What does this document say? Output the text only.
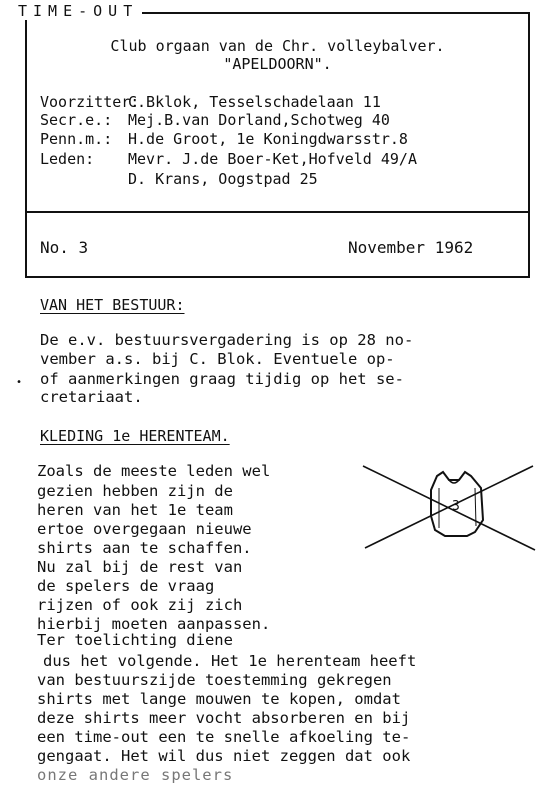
TIME-OUT
Club orgaan van de Chr. volleybalver.
"APELDOORN".
Voorzitter:C.Bklok, Tesselschadelaan 11
Secr.e.: Mej.B.van Dorland,Schotweg 40
Penn.m.: H.de Groot, 1e Koningdwarsstr.8
Leden: Mevr. J.de Boer-Ket,Hofveld 49/A
D. Krans, Oogstpad 25
No. 3	November 1962
VAN HET BESTUUR:
De e.v. bestuursvergadering is op 28 no-
vember a.s. bij C. Blok. Eventuele op-
of aanmerkingen graag tijdig op het se-
cretariaat.
•
KLEDING 1e HERENTEAM.
Zoals de meeste leden wel
gezien hebben zijn de
heren van het 1e team
ertoe overgegaan nieuwe
shirts aan te schaffen.
Nu zal bij de rest van
de spelers de vraag
rijzen of ook zij zich
hierbij moeten aanpassen.
Ter toelichting diene
dus het volgende. Het 1e herenteam heeft
van bestuurszijde toestemming gekregen
shirts met lange mouwen te kopen, omdat
deze shirts meer vocht absorberen en bij
een time-out een te snelle afkoeling te-
gengaat. Het wil dus niet zeggen dat ook
onze andere spelers
3
